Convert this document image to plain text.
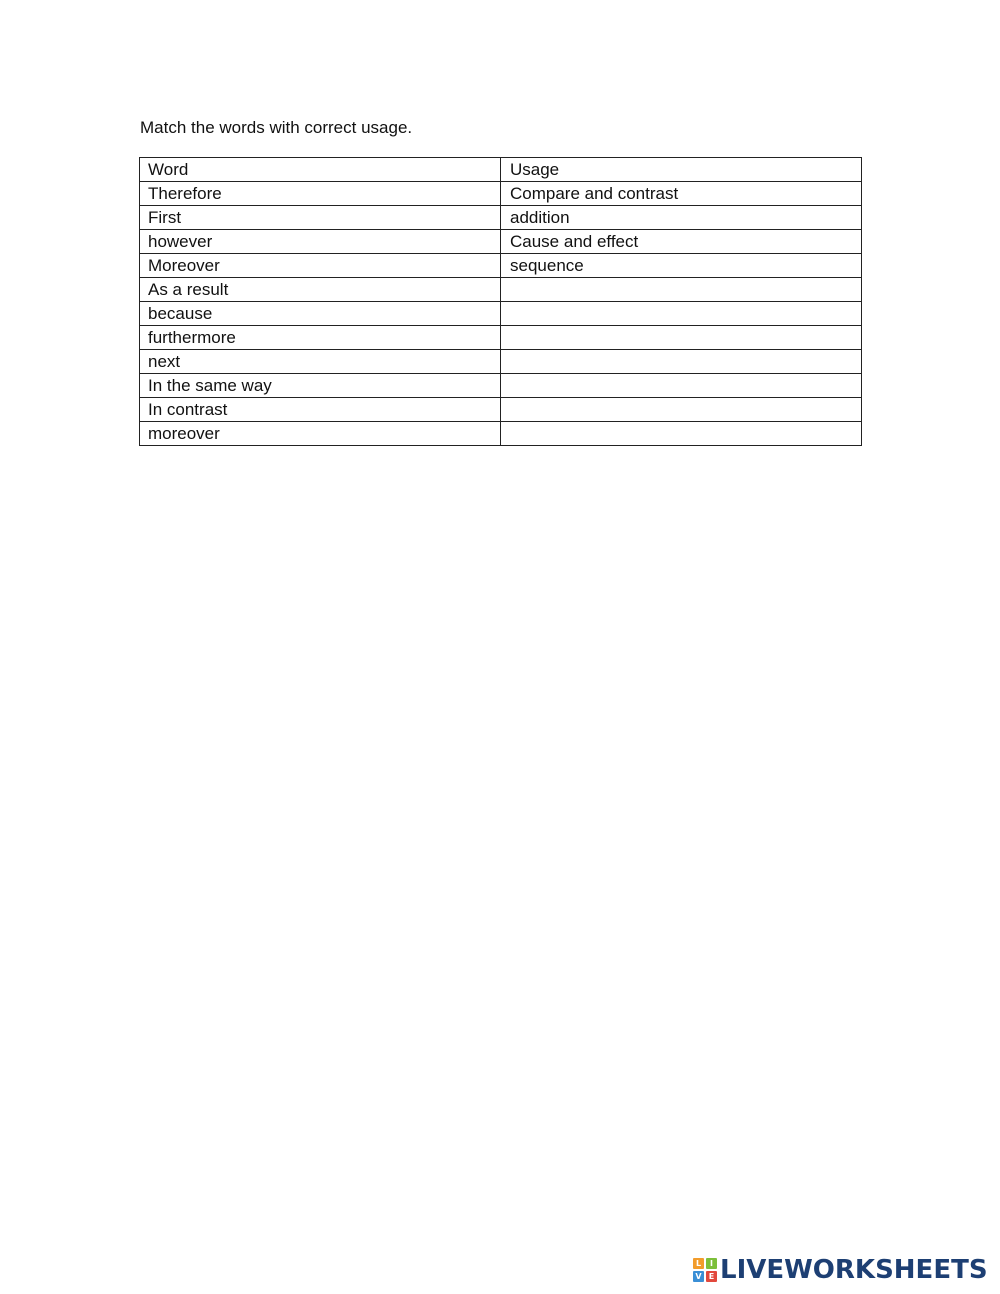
Match the words with correct usage.
Word	Usage
Therefore	Compare and contrast
First	addition
however	Cause and effect
Moreover	sequence
As a result	
because	
furthermore	
next	
In the same way	
In contrast	
moreover	
L	I
V E LIVEWORKSHEETS
